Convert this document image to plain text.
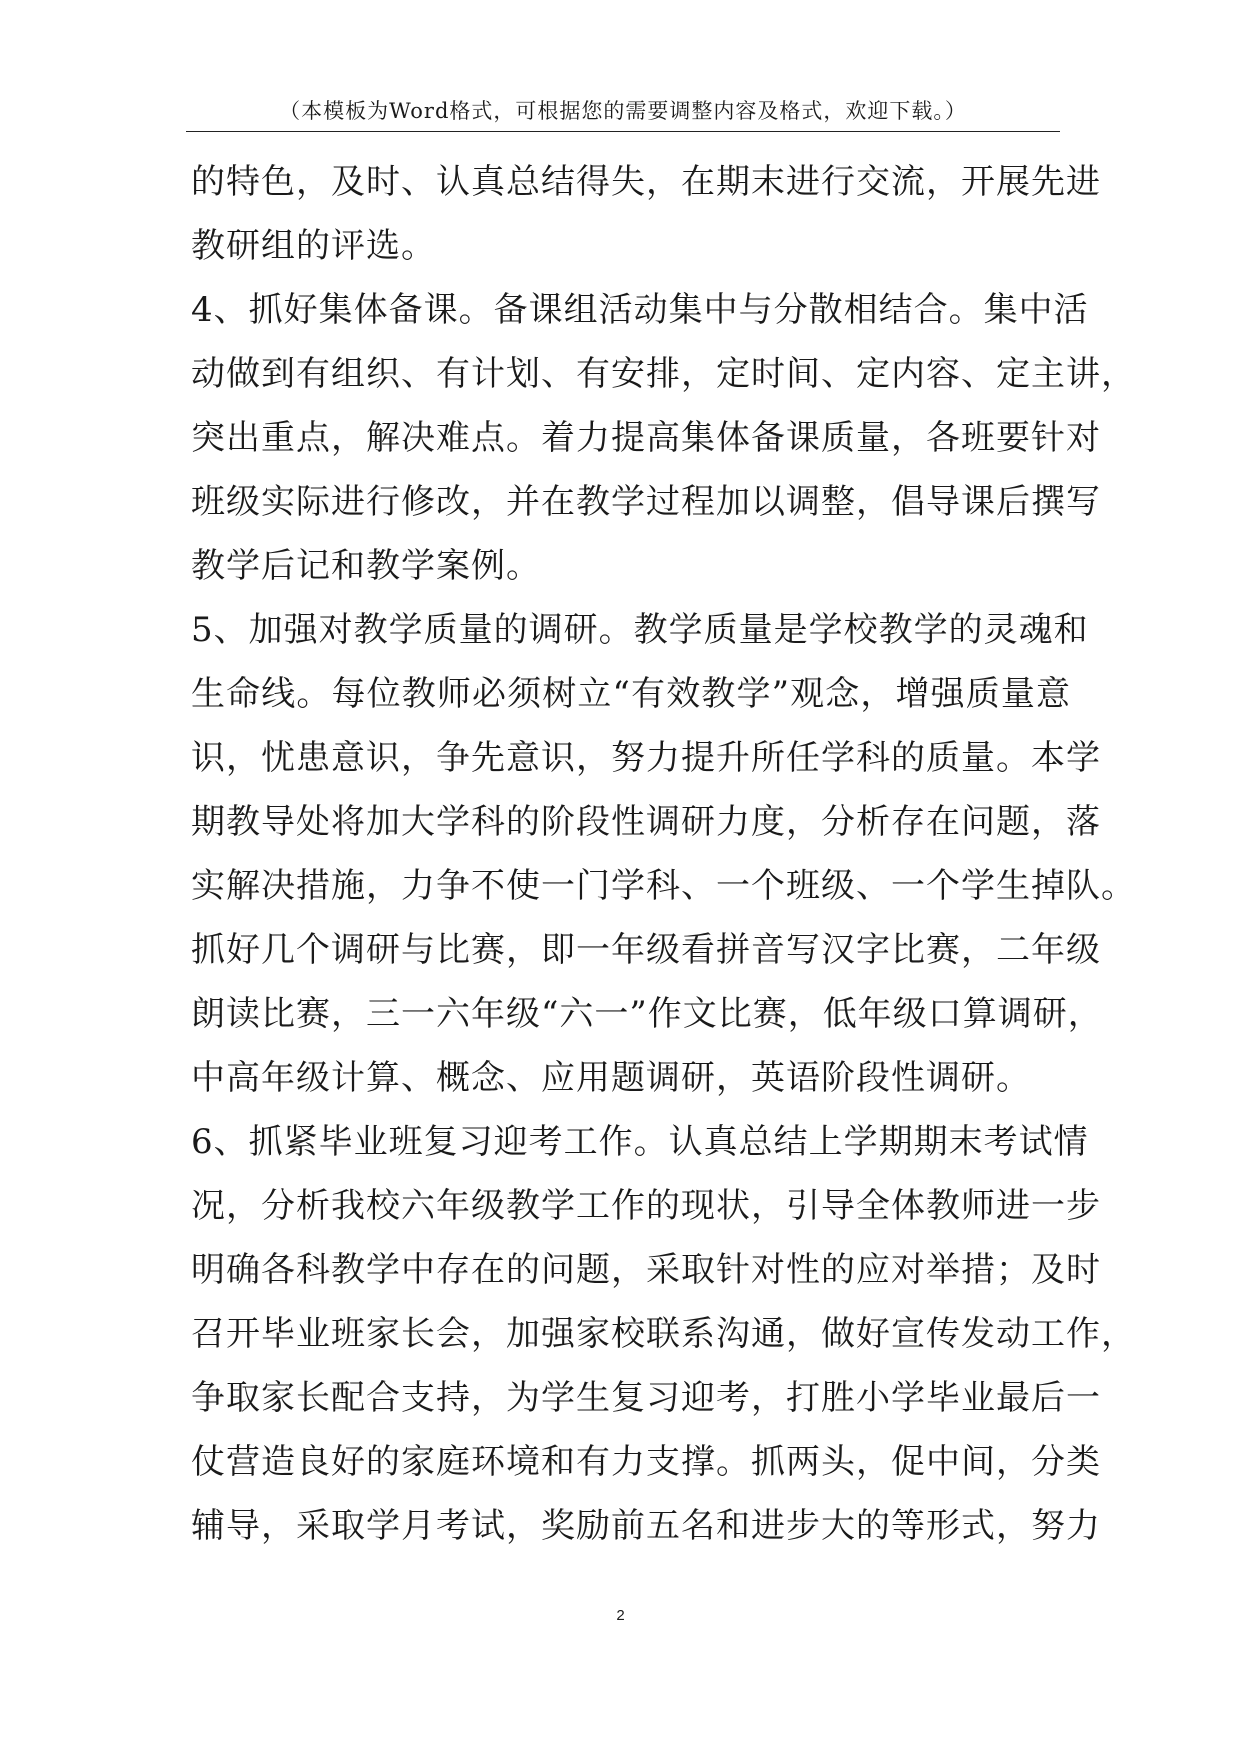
（本模板为Word格式，可根据您的需要调整内容及格式，欢迎下载。）
的特色，及时、认真总结得失，在期末进行交流，开展先进
教研组的评选。
4、抓好集体备课。备课组活动集中与分散相结合。集中活
动做到有组织、有计划、有安排，定时间、定内容、定主讲，
突出重点，解决难点。着力提高集体备课质量，各班要针对
班级实际进行修改，并在教学过程加以调整，倡导课后撰写
教学后记和教学案例。
5、加强对教学质量的调研。教学质量是学校教学的灵魂和
生命线。每位教师必须树立“有效教学”观念，增强质量意
识，忧患意识，争先意识，努力提升所任学科的质量。本学
期教导处将加大学科的阶段性调研力度，分析存在问题，落
实解决措施，力争不使一门学科、一个班级、一个学生掉队。
抓好几个调研与比赛，即一年级看拼音写汉字比赛，二年级
朗读比赛，三一六年级“六一”作文比赛，低年级口算调研，
中高年级计算、概念、应用题调研，英语阶段性调研。
6、抓紧毕业班复习迎考工作。认真总结上学期期末考试情
况，分析我校六年级教学工作的现状，引导全体教师进一步
明确各科教学中存在的问题，采取针对性的应对举措；及时
召开毕业班家长会，加强家校联系沟通，做好宣传发动工作，
争取家长配合支持，为学生复习迎考，打胜小学毕业最后一
仗营造良好的家庭环境和有力支撑。抓两头，促中间，分类
辅导，采取学月考试，奖励前五名和进步大的等形式，努力
2
